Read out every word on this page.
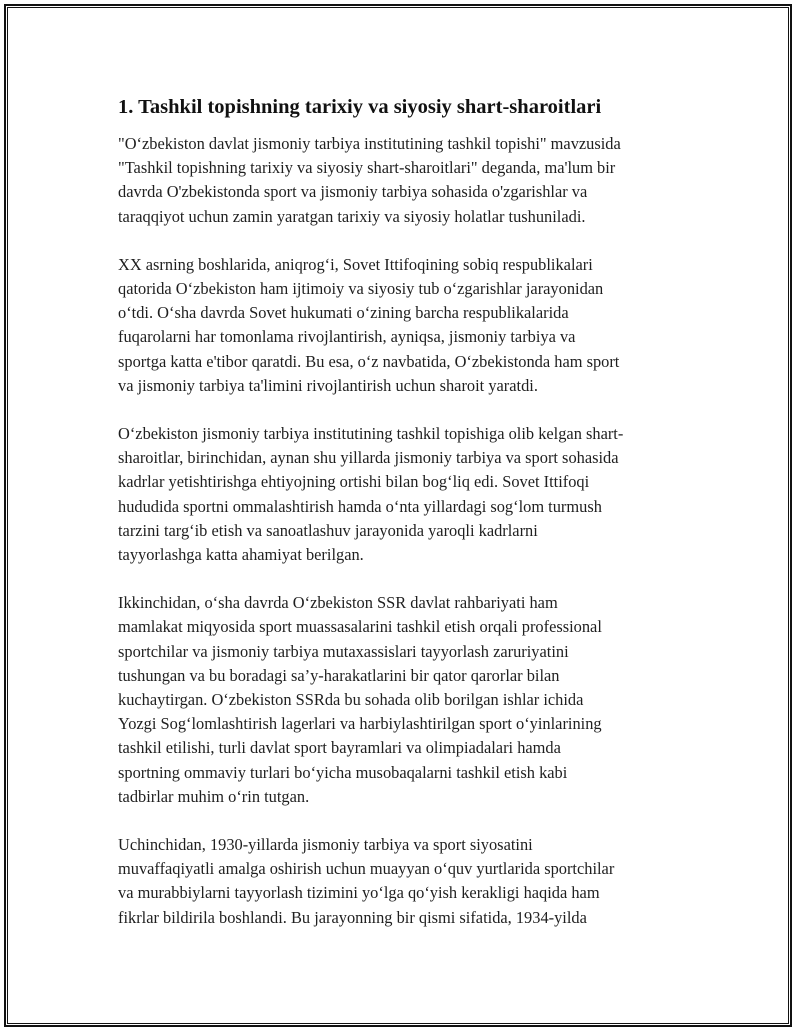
1. Tashkil topishning tarixiy va siyosiy shart-sharoitlari
"O‘zbekiston davlat jismoniy tarbiya institutining tashkil topishi" mavzusida
"Tashkil topishning tarixiy va siyosiy shart-sharoitlari" deganda, ma'lum bir
davrda O'zbekistonda sport va jismoniy tarbiya sohasida o'zgarishlar va
taraqqiyot uchun zamin yaratgan tarixiy va siyosiy holatlar tushuniladi.
XX asrning boshlarida, aniqrog‘i, Sovet Ittifoqining sobiq respublikalari
qatorida O‘zbekiston ham ijtimoiy va siyosiy tub o‘zgarishlar jarayonidan
o‘tdi. O‘sha davrda Sovet hukumati o‘zining barcha respublikalarida
fuqarolarni har tomonlama rivojlantirish, ayniqsa, jismoniy tarbiya va
sportga katta e'tibor qaratdi. Bu esa, o‘z navbatida, O‘zbekistonda ham sport
va jismoniy tarbiya ta'limini rivojlantirish uchun sharoit yaratdi.
O‘zbekiston jismoniy tarbiya institutining tashkil topishiga olib kelgan shart-
sharoitlar, birinchidan, aynan shu yillarda jismoniy tarbiya va sport sohasida
kadrlar yetishtirishga ehtiyojning ortishi bilan bog‘liq edi. Sovet Ittifoqi
hududida sportni ommalashtirish hamda o‘nta yillardagi sog‘lom turmush
tarzini targ‘ib etish va sanoatlashuv jarayonida yaroqli kadrlarni
tayyorlashga katta ahamiyat berilgan.
Ikkinchidan, o‘sha davrda O‘zbekiston SSR davlat rahbariyati ham
mamlakat miqyosida sport muassasalarini tashkil etish orqali professional
sportchilar va jismoniy tarbiya mutaxassislari tayyorlash zaruriyatini
tushungan va bu boradagi sa’y-harakatlarini bir qator qarorlar bilan
kuchaytirgan. O‘zbekiston SSRda bu sohada olib borilgan ishlar ichida
Yozgi Sog‘lomlashtirish lagerlari va harbiylashtirilgan sport o‘yinlarining
tashkil etilishi, turli davlat sport bayramlari va olimpiadalari hamda
sportning ommaviy turlari bo‘yicha musobaqalarni tashkil etish kabi
tadbirlar muhim o‘rin tutgan.
Uchinchidan, 1930-yillarda jismoniy tarbiya va sport siyosatini
muvaffaqiyatli amalga oshirish uchun muayyan o‘quv yurtlarida sportchilar
va murabbiylarni tayyorlash tizimini yo‘lga qo‘yish kerakligi haqida ham
fikrlar bildirila boshlandi. Bu jarayonning bir qismi sifatida, 1934-yilda
